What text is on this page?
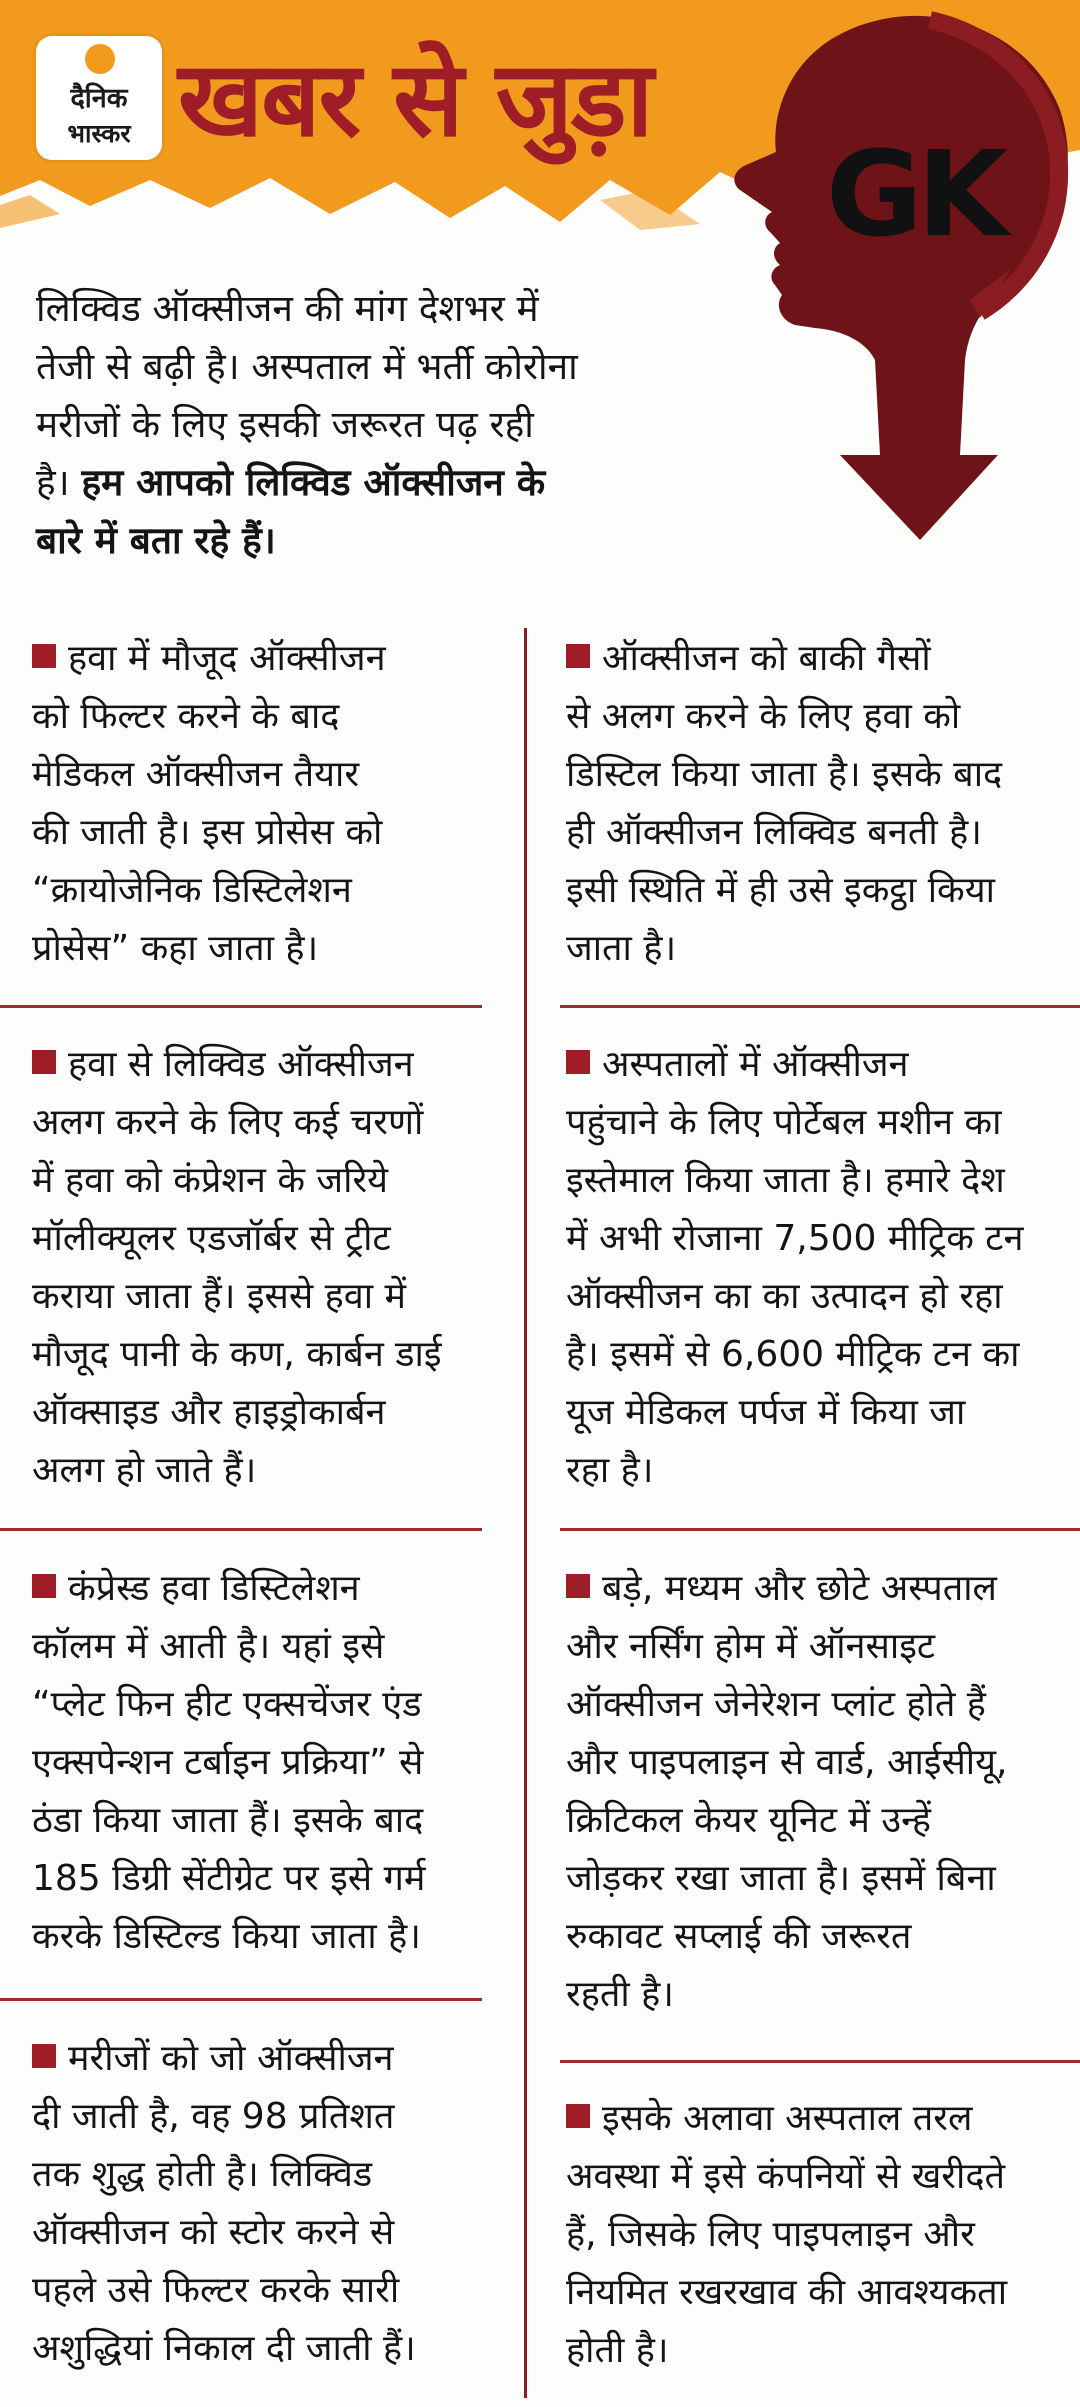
दैनिक
भास्कर खबर से जुड़ा
GK
लिक्विड ऑक्सीजन की मांग देशभर में
तेजी से बढ़ी है। अस्पताल में भर्ती कोरोना
मरीजों के लिए इसकी जरूरत पढ़ रही
है। हम आपको लिक्विड ऑक्सीजन के
बारे में बता रहे हैं।
हवा में मौजूद ऑक्सीजन
को फिल्टर करने के बाद
मेडिकल ऑक्सीजन तैयार
की जाती है। इस प्रोसेस को
“क्रायोजेनिक डिस्टिलेशन
प्रोसेस” कहा जाता है।
हवा से लिक्विड ऑक्सीजन
अलग करने के लिए कई चरणों
में हवा को कंप्रेशन के जरिये
मॉलीक्यूलर एडजॉर्बर से ट्रीट
कराया जाता हैं। इससे हवा में
मौजूद पानी के कण, कार्बन डाई
ऑक्साइड और हाइड्रोकार्बन
अलग हो जाते हैं।
कंप्रेस्ड हवा डिस्टिलेशन
कॉलम में आती है। यहां इसे
“प्लेट फिन हीट एक्सचेंजर एंड
एक्सपेन्शन टर्बाइन प्रक्रिया” से
ठंडा किया जाता हैं। इसके बाद
185 डिग्री सेंटीग्रेट पर इसे गर्म
करके डिस्टिल्ड किया जाता है।
मरीजों को जो ऑक्सीजन
दी जाती है, वह 98 प्रतिशत
तक शुद्ध होती है। लिक्विड
ऑक्सीजन को स्टोर करने से
पहले उसे फिल्टर करके सारी
अशुद्धियां निकाल दी जाती हैं।
ऑक्सीजन को बाकी गैसों
से अलग करने के लिए हवा को
डिस्टिल किया जाता है। इसके बाद
ही ऑक्सीजन लिक्विड बनती है।
इसी स्थिति में ही उसे इकट्ठा किया
जाता है।
अस्पतालों में ऑक्सीजन
पहुंचाने के लिए पोर्टेबल मशीन का
इस्तेमाल किया जाता है। हमारे देश
में अभी रोजाना 7,500 मीट्रिक टन
ऑक्सीजन का का उत्पादन हो रहा
है। इसमें से 6,600 मीट्रिक टन का
यूज मेडिकल पर्पज में किया जा
रहा है।
बड़े, मध्यम और छोटे अस्पताल
और नर्सिंग होम में ऑनसाइट
ऑक्सीजन जेनेरेशन प्लांट होते हैं
और पाइपलाइन से वार्ड, आईसीयू,
क्रिटिकल केयर यूनिट में उन्हें
जोड़कर रखा जाता है। इसमें बिना
रुकावट सप्लाई की जरूरत
रहती है।
इसके अलावा अस्पताल तरल
अवस्था में इसे कंपनियों से खरीदते
हैं, जिसके लिए पाइपलाइन और
नियमित रखरखाव की आवश्यकता
होती है।
